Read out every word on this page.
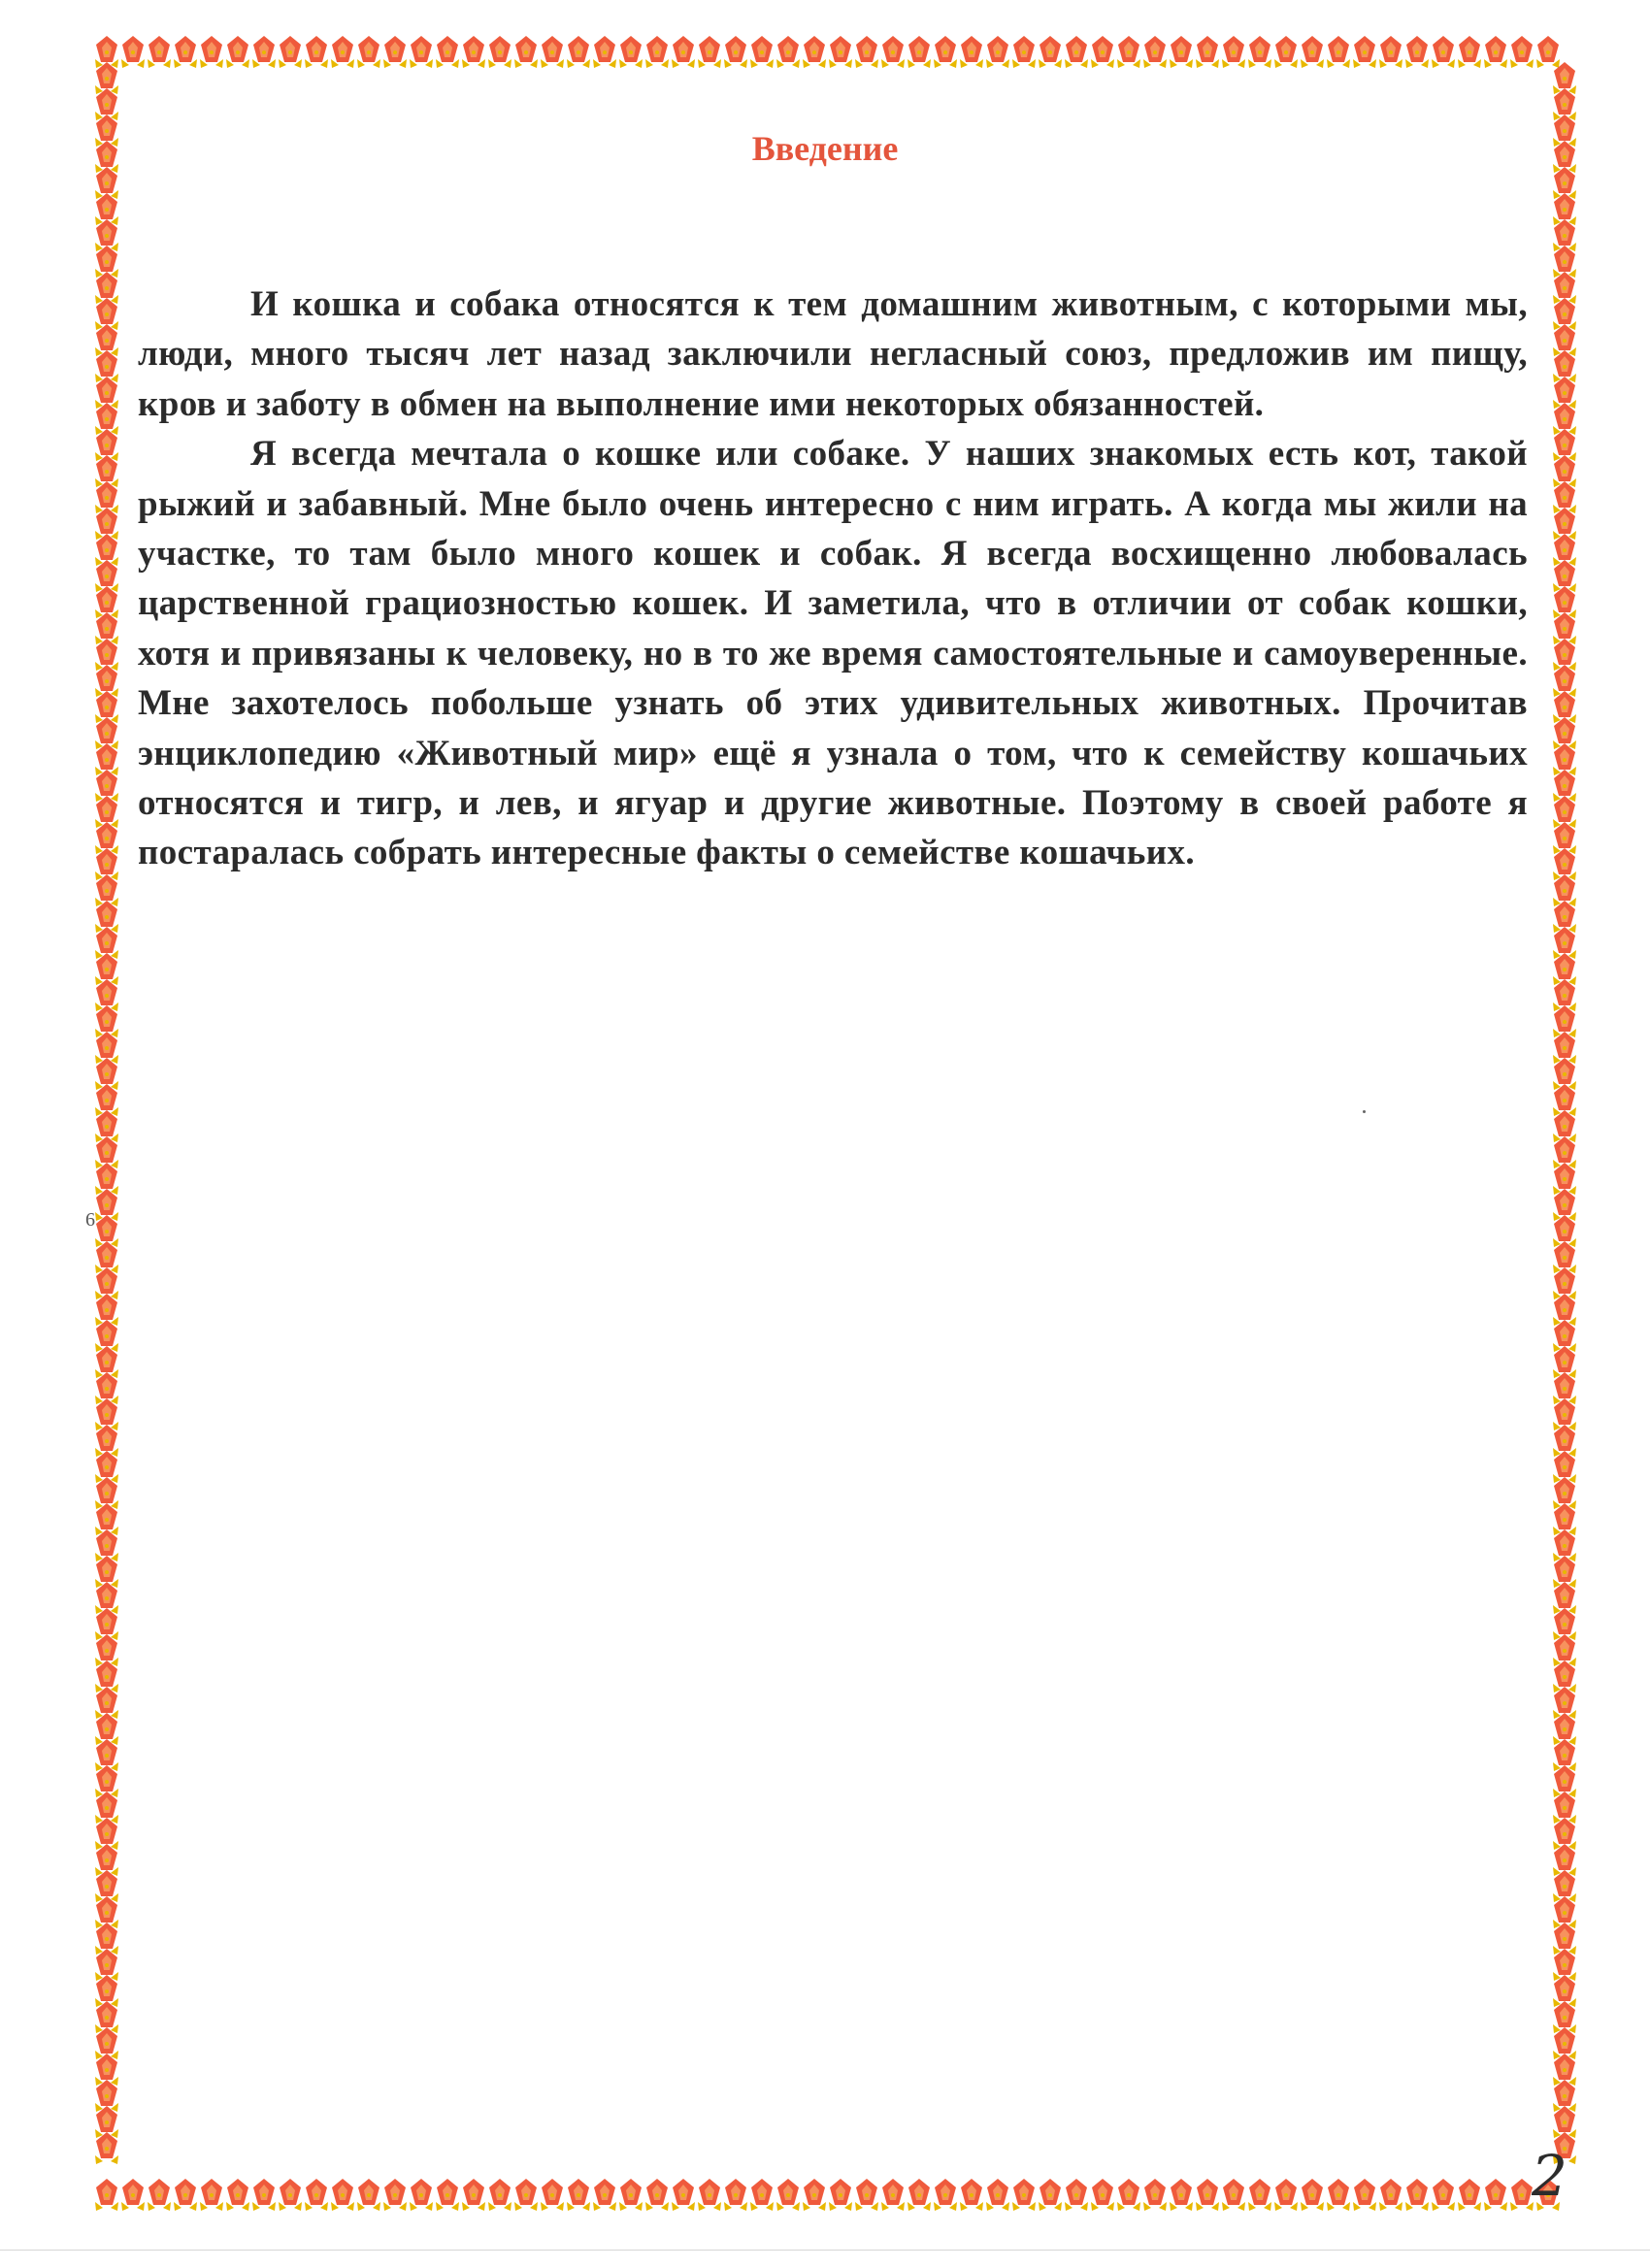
Введение

И кошка и собака относятся к тем домашним животным, с которыми мы, люди, много тысяч лет назад заключили негласный союз, предложив им пищу, кров и заботу в обмен на выполнение ими некоторых обязанностей.

Я всегда мечтала о кошке или собаке. У наших знакомых есть кот, такой рыжий и забавный. Мне было очень интересно с ним играть. А когда мы жили на участке, то там было много кошек и собак. Я всегда восхищенно любовалась царственной грациозностью кошек. И заметила, что в отличии от собак кошки, хотя и привязаны к человеку, но в то же время самостоятельные и самоуверенные. Мне захотелось побольше узнать об этих удивительных животных. Прочитав энциклопедию «Животный мир» ещё я узнала о том, что к семейству кошачьих относятся и тигр, и лев, и ягуар и другие животные. Поэтому в своей работе я постаралась собрать интересные факты о семействе кошачьих.

6
2
